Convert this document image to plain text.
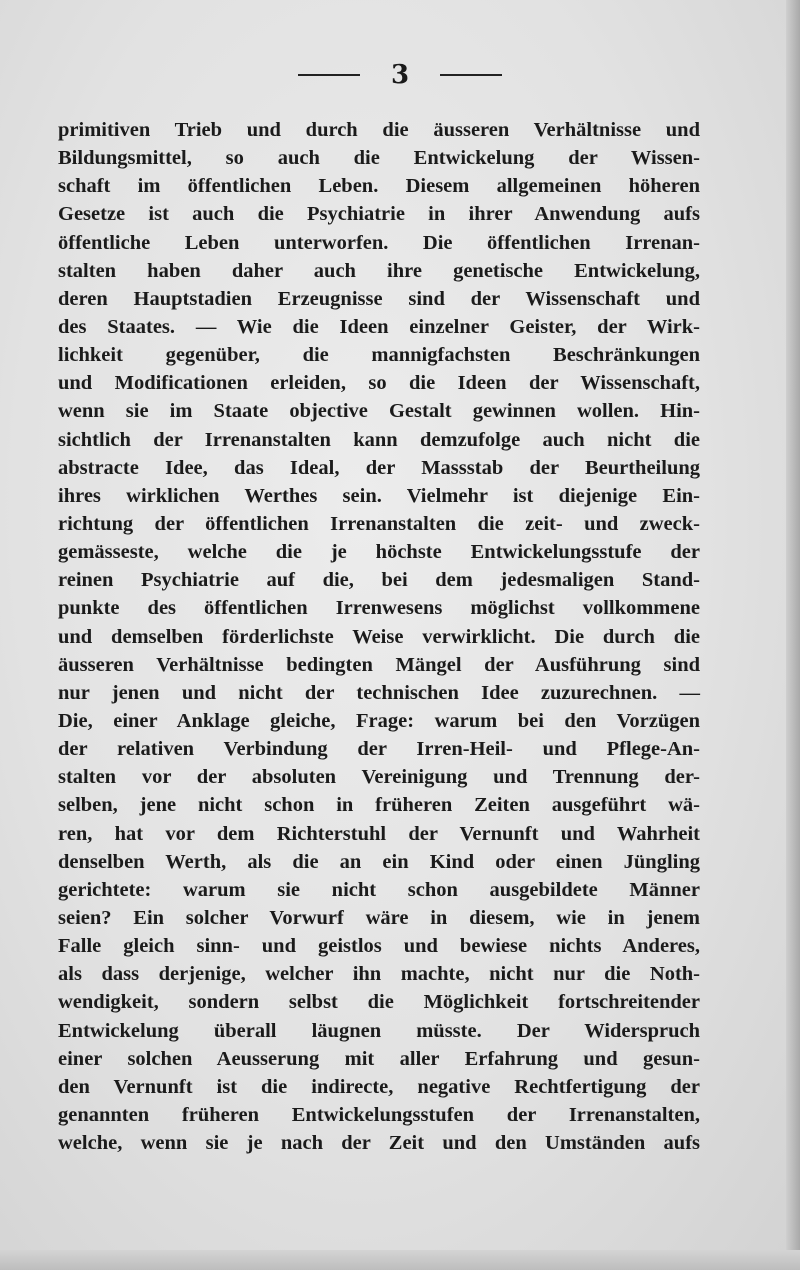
3
primitiven Trieb und durch die äusseren Verhältnisse und
Bildungsmittel, so auch die Entwickelung der Wissen-
schaft im öffentlichen Leben. Diesem allgemeinen höheren
Gesetze ist auch die Psychiatrie in ihrer Anwendung aufs
öffentliche Leben unterworfen. Die öffentlichen Irrenan-
stalten haben daher auch ihre genetische Entwickelung,
deren Hauptstadien Erzeugnisse sind der Wissenschaft und
des Staates. — Wie die Ideen einzelner Geister, der Wirk-
lichkeit gegenüber, die mannigfachsten Beschränkungen
und Modificationen erleiden, so die Ideen der Wissenschaft,
wenn sie im Staate objective Gestalt gewinnen wollen. Hin-
sichtlich der Irrenanstalten kann demzufolge auch nicht die
abstracte Idee, das Ideal, der Massstab der Beurtheilung
ihres wirklichen Werthes sein. Vielmehr ist diejenige Ein-
richtung der öffentlichen Irrenanstalten die zeit- und zweck-
gemässeste, welche die je höchste Entwickelungsstufe der
reinen Psychiatrie auf die, bei dem jedesmaligen Stand-
punkte des öffentlichen Irrenwesens möglichst vollkommene
und demselben förderlichste Weise verwirklicht. Die durch die
äusseren Verhältnisse bedingten Mängel der Ausführung sind
nur jenen und nicht der technischen Idee zuzurechnen. —
Die, einer Anklage gleiche, Frage: warum bei den Vorzügen
der relativen Verbindung der Irren-Heil- und Pflege-An-
stalten vor der absoluten Vereinigung und Trennung der-
selben, jene nicht schon in früheren Zeiten ausgeführt wä-
ren, hat vor dem Richterstuhl der Vernunft und Wahrheit
denselben Werth, als die an ein Kind oder einen Jüngling
gerichtete: warum sie nicht schon ausgebildete Männer
seien? Ein solcher Vorwurf wäre in diesem, wie in jenem
Falle gleich sinn- und geistlos und bewiese nichts Anderes,
als dass derjenige, welcher ihn machte, nicht nur die Noth-
wendigkeit, sondern selbst die Möglichkeit fortschreitender
Entwickelung überall läugnen müsste. Der Widerspruch
einer solchen Aeusserung mit aller Erfahrung und gesun-
den Vernunft ist die indirecte, negative Rechtfertigung der
genannten früheren Entwickelungsstufen der Irrenanstalten,
welche, wenn sie je nach der Zeit und den Umständen aufs
